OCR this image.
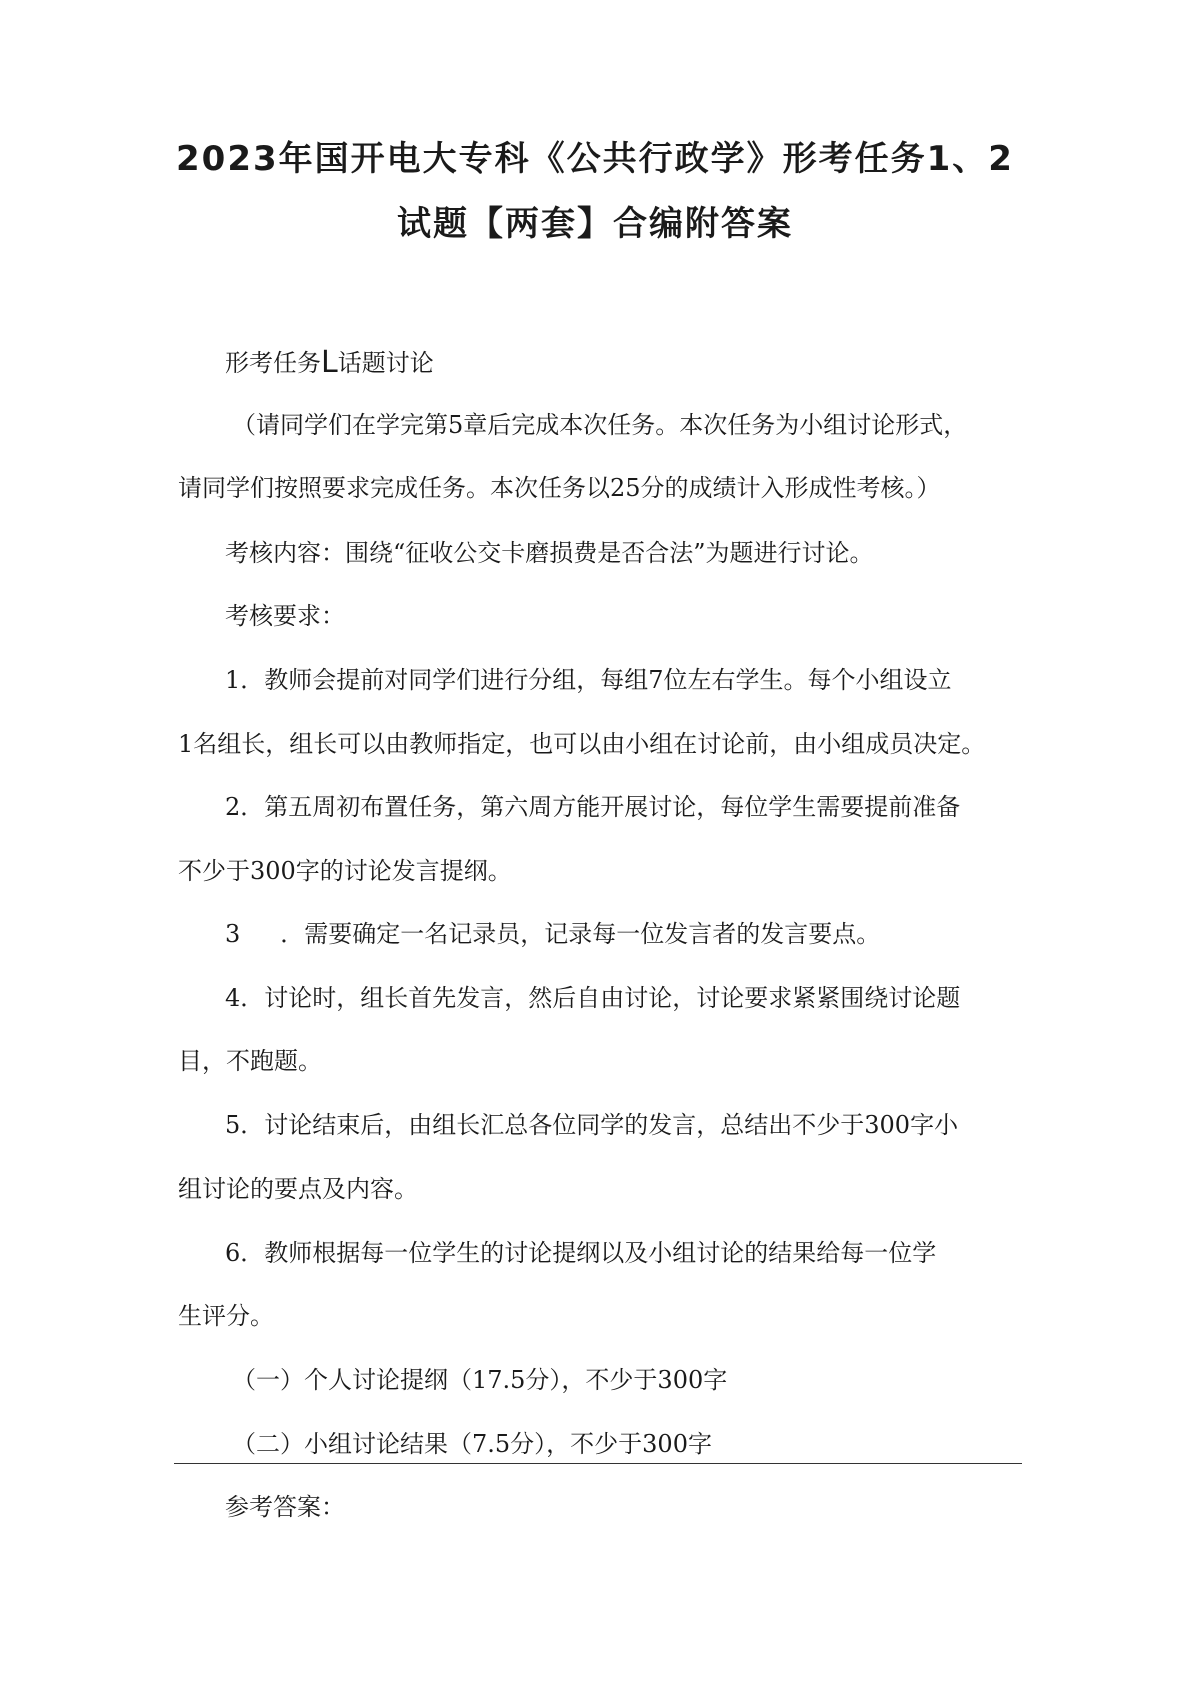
2023年国开电大专科《公共行政学》形考任务1、2
试题【两套】合编附答案

形考任务L话题讨论

（请同学们在学完第5章后完成本次任务。本次任务为小组讨论形式，

请同学们按照要求完成任务。本次任务以25分的成绩计入形成性考核。）

考核内容：围绕“征收公交卡磨损费是否合法”为题进行讨论。

考核要求：

1．教师会提前对同学们进行分组，每组7位左右学生。每个小组设立

1名组长，组长可以由教师指定，也可以由小组在讨论前，由小组成员决定。

2．第五周初布置任务，第六周方能开展讨论，每位学生需要提前准备

不少于300字的讨论发言提纲。

3 ．需要确定一名记录员，记录每一位发言者的发言要点。

4．讨论时，组长首先发言，然后自由讨论，讨论要求紧紧围绕讨论题

目，不跑题。

5．讨论结束后，由组长汇总各位同学的发言，总结出不少于300字小

组讨论的要点及内容。

6．教师根据每一位学生的讨论提纲以及小组讨论的结果给每一位学

生评分。

（一）个人讨论提纲（17.5分），不少于300字

（二）小组讨论结果（7.5分），不少于300字

参考答案：
